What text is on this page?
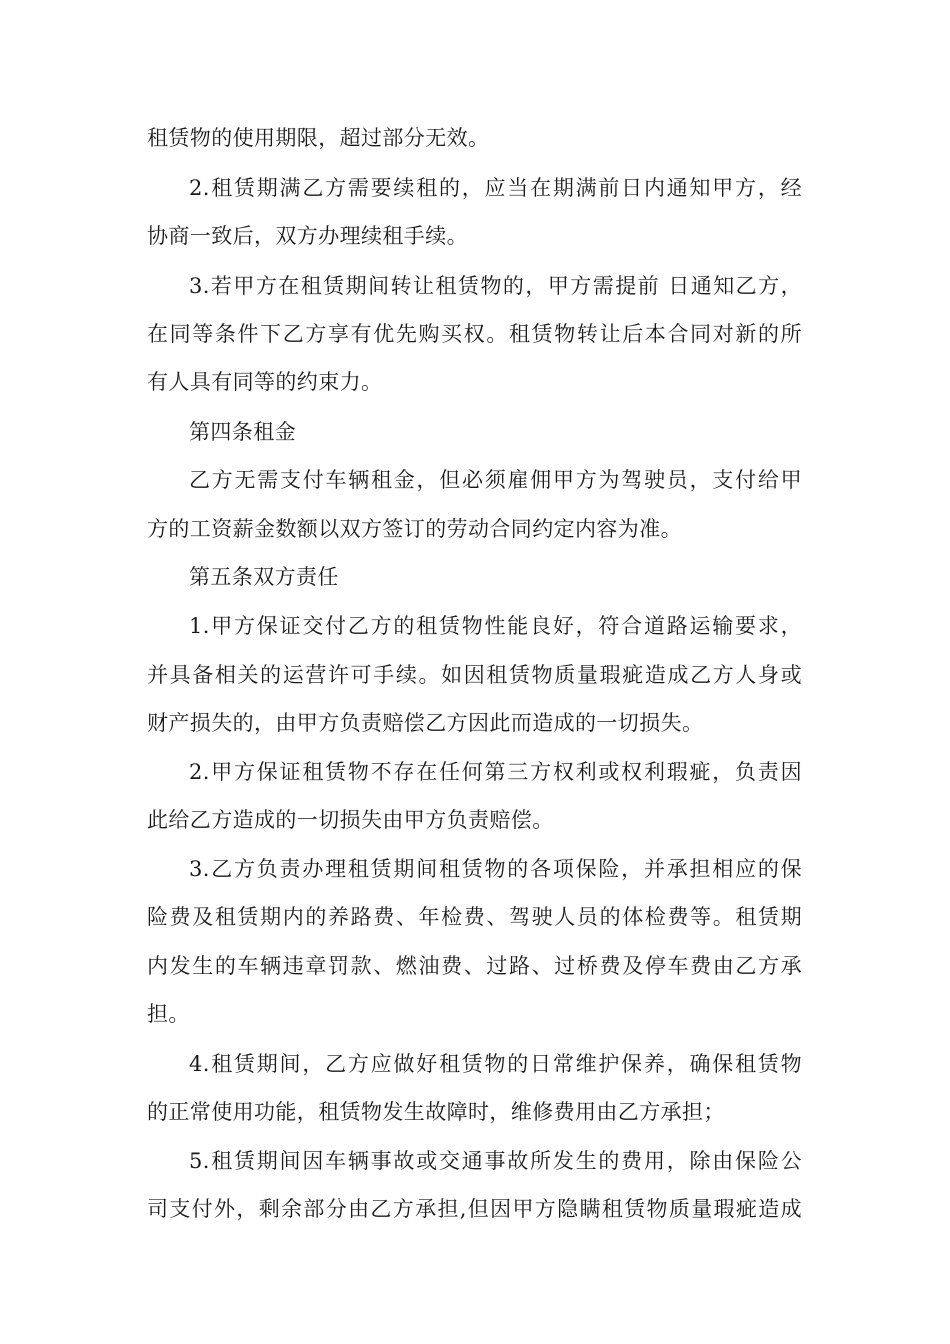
租赁物的使用期限，超过部分无效。
2.租赁期满乙方需要续租的，应当在期满前日内通知甲方，经
协商一致后，双方办理续租手续。
3.若甲方在租赁期间转让租赁物的，甲方需提前 日通知乙方，
在同等条件下乙方享有优先购买权。租赁物转让后本合同对新的所
有人具有同等的约束力。
第四条租金
乙方无需支付车辆租金，但必须雇佣甲方为驾驶员，支付给甲
方的工资薪金数额以双方签订的劳动合同约定内容为准。
第五条双方责任
1.甲方保证交付乙方的租赁物性能良好，符合道路运输要求，
并具备相关的运营许可手续。如因租赁物质量瑕疵造成乙方人身或
财产损失的，由甲方负责赔偿乙方因此而造成的一切损失。
2.甲方保证租赁物不存在任何第三方权利或权利瑕疵，负责因
此给乙方造成的一切损失由甲方负责赔偿。
3.乙方负责办理租赁期间租赁物的各项保险，并承担相应的保
险费及租赁期内的养路费、年检费、驾驶人员的体检费等。租赁期
内发生的车辆违章罚款、燃油费、过路、过桥费及停车费由乙方承
担。
4.租赁期间，乙方应做好租赁物的日常维护保养，确保租赁物
的正常使用功能，租赁物发生故障时，维修费用由乙方承担；
5.租赁期间因车辆事故或交通事故所发生的费用，除由保险公
司支付外，剩余部分由乙方承担,但因甲方隐瞒租赁物质量瑕疵造成
